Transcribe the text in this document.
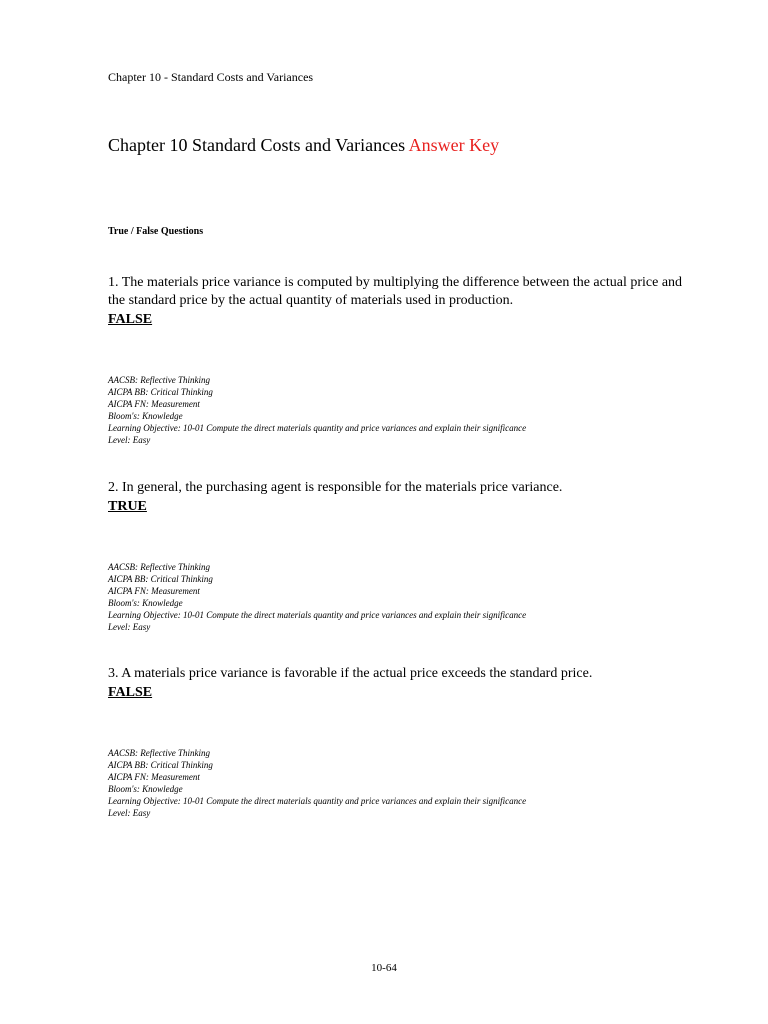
Chapter 10 - Standard Costs and Variances
Chapter 10 Standard Costs and Variances Answer Key
True / False Questions

1. The materials price variance is computed by multiplying the difference between the actual price and the standard price by the actual quantity of materials used in production.

FALSE

AACSB: Reflective Thinking
AICPA BB: Critical Thinking
AICPA FN: Measurement
Bloom's: Knowledge
Learning Objective: 10-01 Compute the direct materials quantity and price variances and explain their significance
Level: Easy

2. In general, the purchasing agent is responsible for the materials price variance.

TRUE

AACSB: Reflective Thinking
AICPA BB: Critical Thinking
AICPA FN: Measurement
Bloom's: Knowledge
Learning Objective: 10-01 Compute the direct materials quantity and price variances and explain their significance
Level: Easy

3. A materials price variance is favorable if the actual price exceeds the standard price.

FALSE

AACSB: Reflective Thinking
AICPA BB: Critical Thinking
AICPA FN: Measurement
Bloom's: Knowledge
Learning Objective: 10-01 Compute the direct materials quantity and price variances and explain their significance
Level: Easy
10-64
